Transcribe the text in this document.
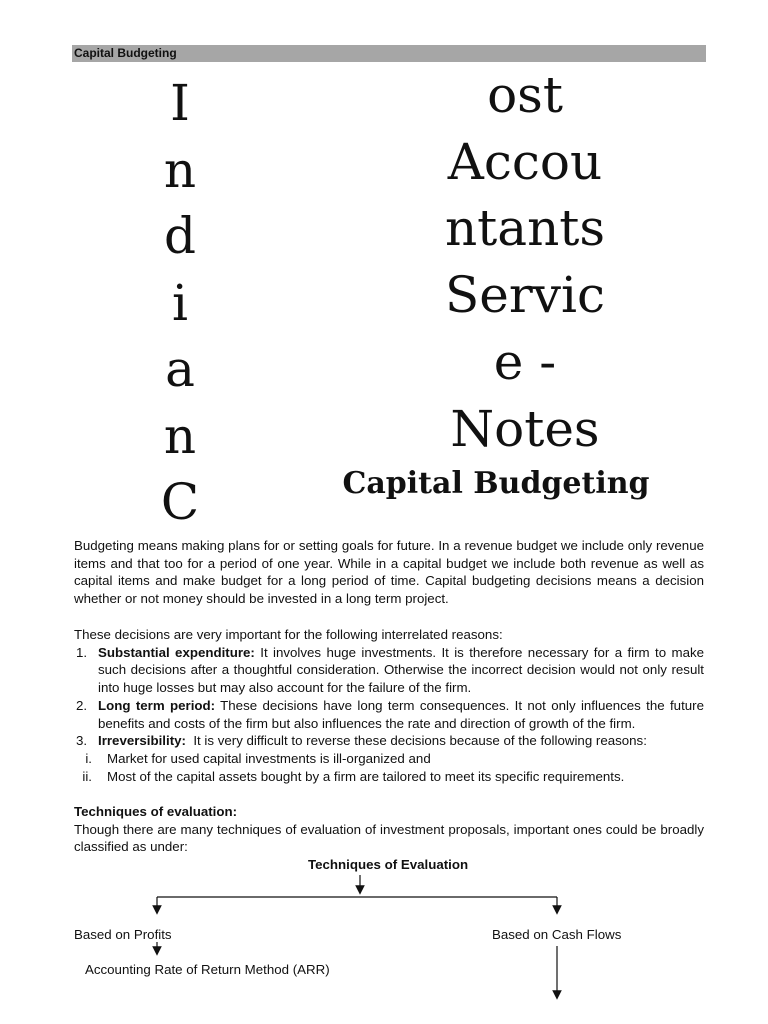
Capital Budgeting
I
n
d
i
a
n
C
ost
Accou
ntants
Servic
e -
Notes
Capital Budgeting
Budgeting means making plans for or setting goals for future. In a revenue budget we include only revenue items and that too for a period of one year. While in a capital budget we include both revenue as well as capital items and make budget for a long period of time. Capital budgeting decisions means a decision whether or not money should be invested in a long term project.
These decisions are very important for the following interrelated reasons:
1. Substantial expenditure: It involves huge investments. It is therefore necessary for a firm to make such decisions after a thoughtful consideration. Otherwise the incorrect decision would not only result into huge losses but may also account for the failure of the firm.
2. Long term period: These decisions have long term consequences. It not only influences the future benefits and costs of the firm but also influences the rate and direction of growth of the firm.
3. Irreversibility:  It is very difficult to reverse these decisions because of the following reasons:
i. Market for used capital investments is ill-organized and
ii. Most of the capital assets bought by a firm are tailored to meet its specific requirements.
Techniques of evaluation:
Though there are many techniques of evaluation of investment proposals, important ones could be broadly classified as under:
Techniques of Evaluation
Based on Profits	Based on Cash Flows
Accounting Rate of Return Method (ARR)
